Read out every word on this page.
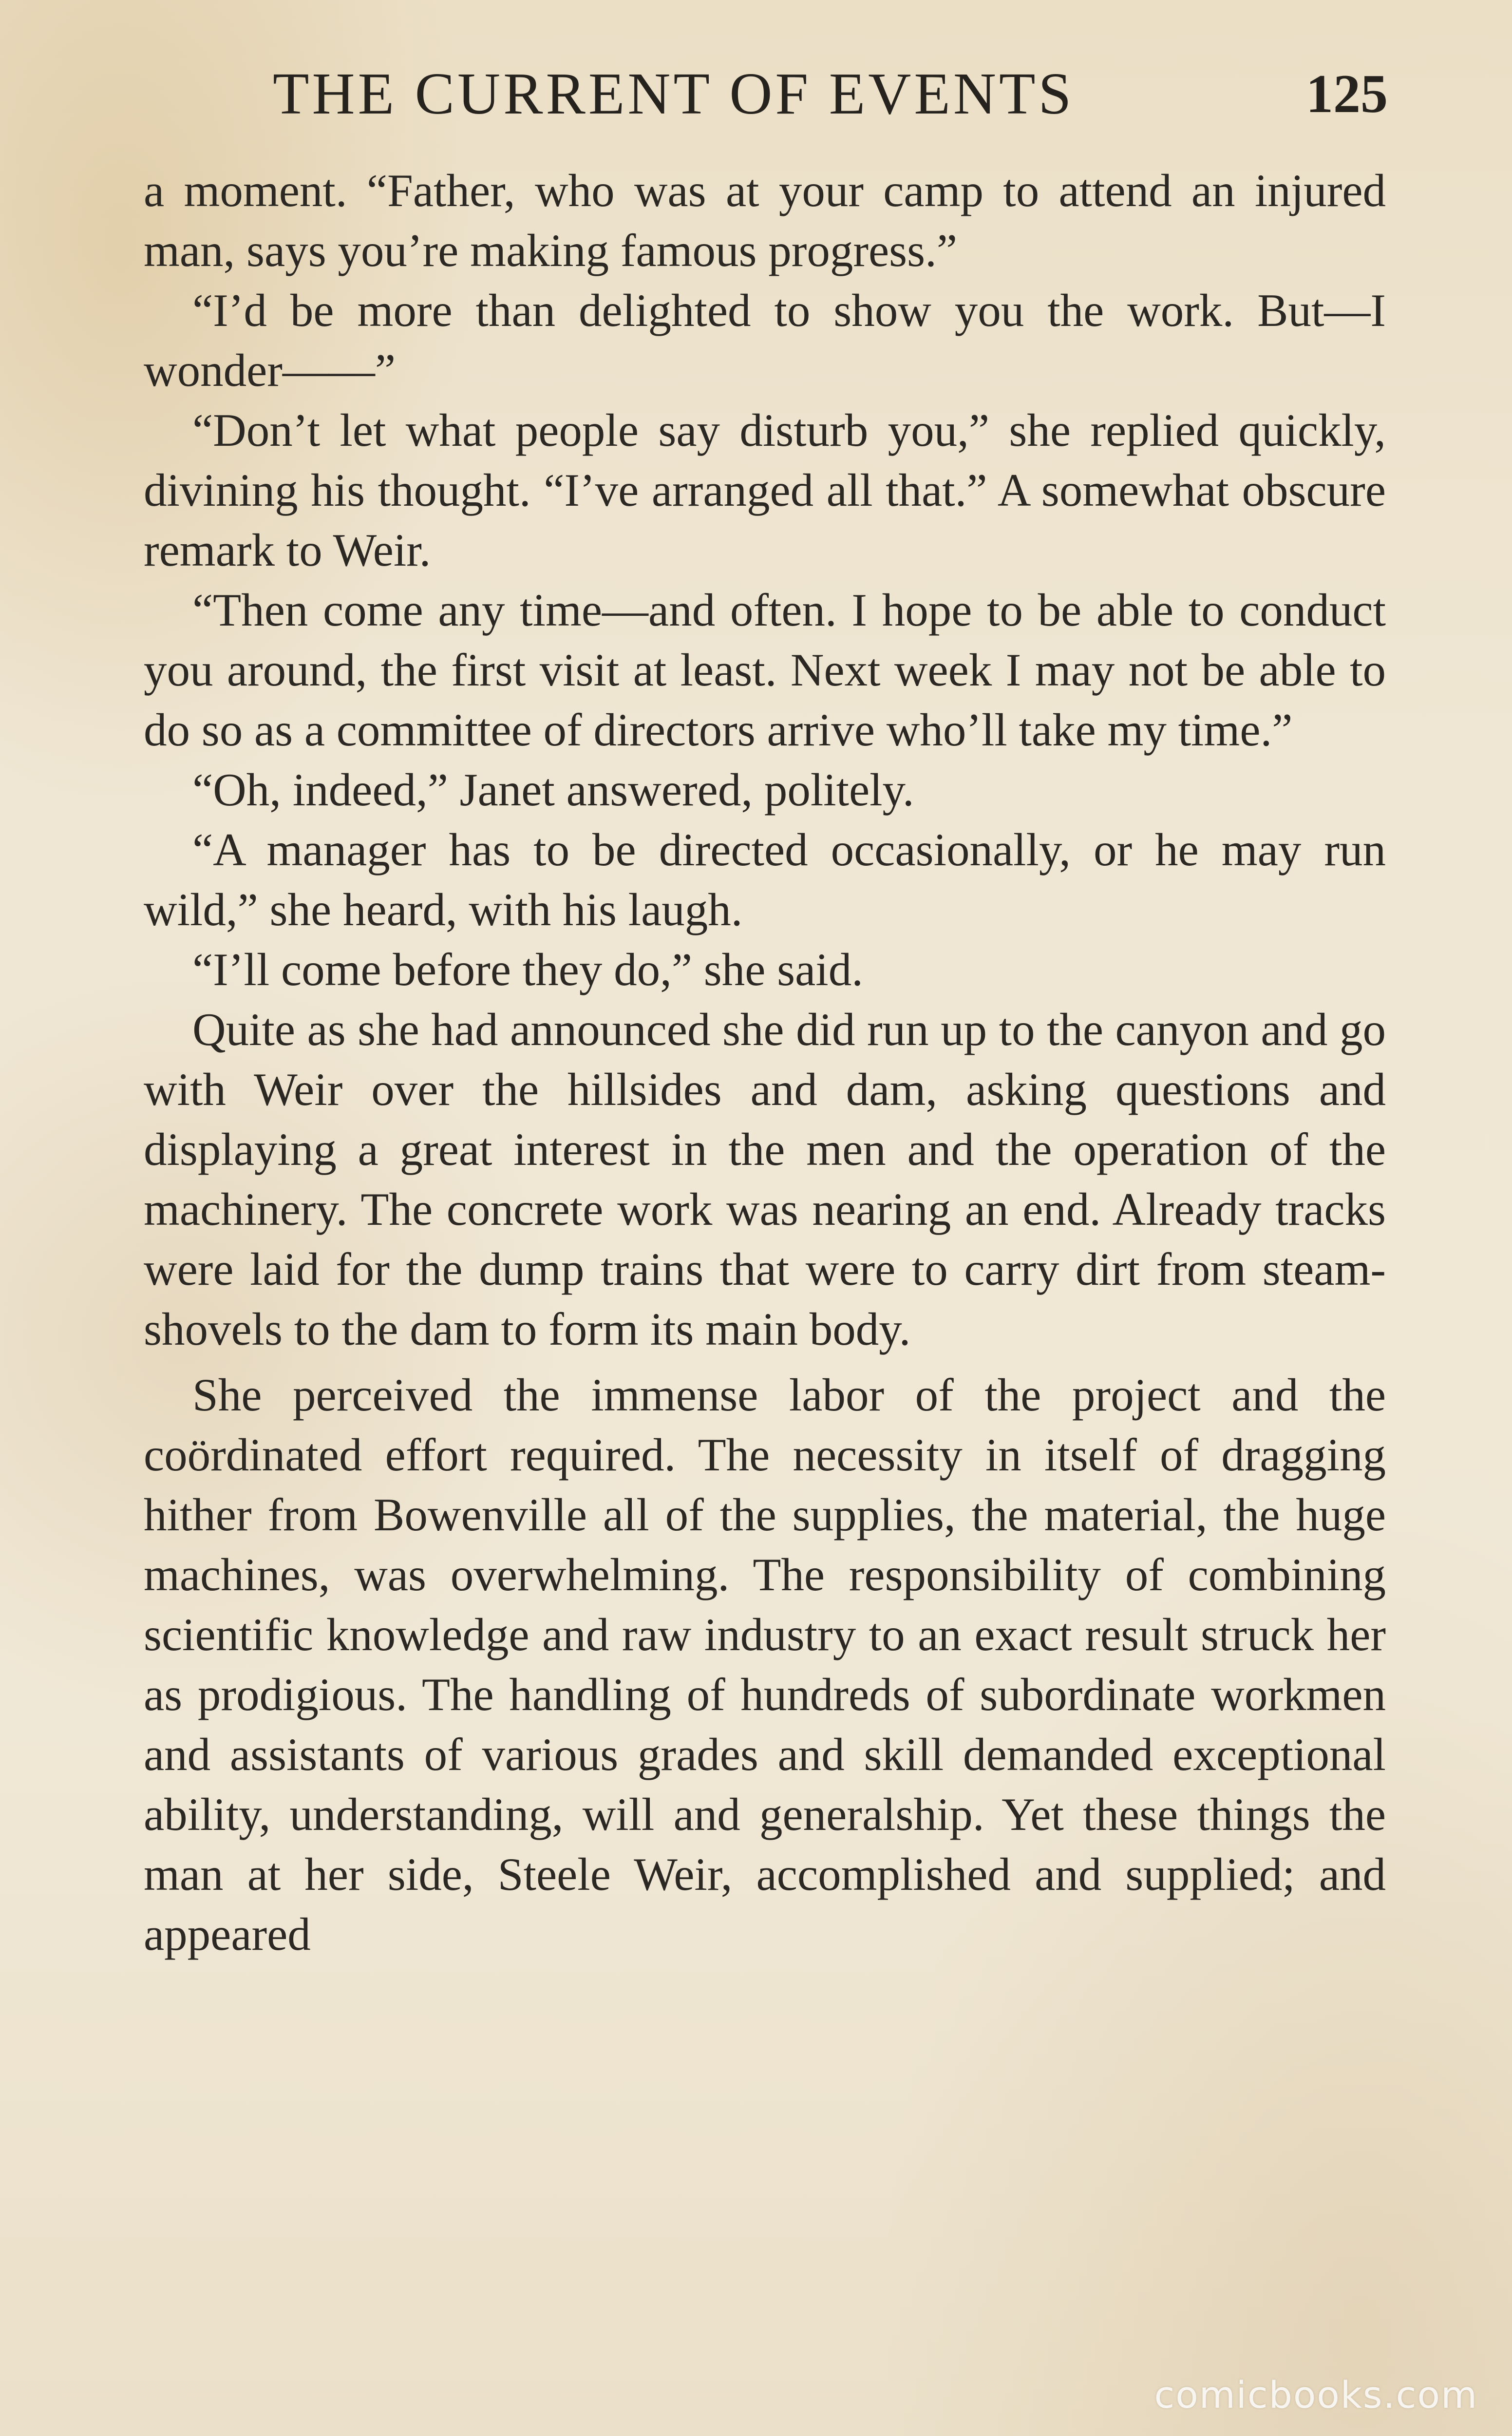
THE CURRENT OF EVENTS	125

a moment. “Father, who was at your camp to attend an injured man, says you’re making famous progress.”

“I’d be more than delighted to show you the work. But—I wonder——”

“Don’t let what people say disturb you,” she replied quickly, divining his thought. “I’ve arranged all that.” A somewhat obscure remark to Weir.

“Then come any time—and often. I hope to be able to conduct you around, the first visit at least. Next week I may not be able to do so as a committee of directors arrive who’ll take my time.”

“Oh, indeed,” Janet answered, politely.

“A manager has to be directed occasionally, or he may run wild,” she heard, with his laugh.

“I’ll come before they do,” she said.

Quite as she had announced she did run up to the canyon and go with Weir over the hillsides and dam, asking questions and displaying a great interest in the men and the operation of the machinery. The concrete work was nearing an end. Already tracks were laid for the dump trains that were to carry dirt from steam-shovels to the dam to form its main body.

She perceived the immense labor of the project and the coördinated effort required. The necessity in itself of dragging hither from Bowenville all of the supplies, the material, the huge machines, was overwhelming. The responsibility of combining scientific knowledge and raw industry to an exact result struck her as prodigious. The handling of hundreds of subordinate workmen and assistants of various grades and skill demanded exceptional ability, understanding, will and generalship. Yet these things the man at her side, Steele Weir, accomplished and supplied; and appeared

comicbooks.com
